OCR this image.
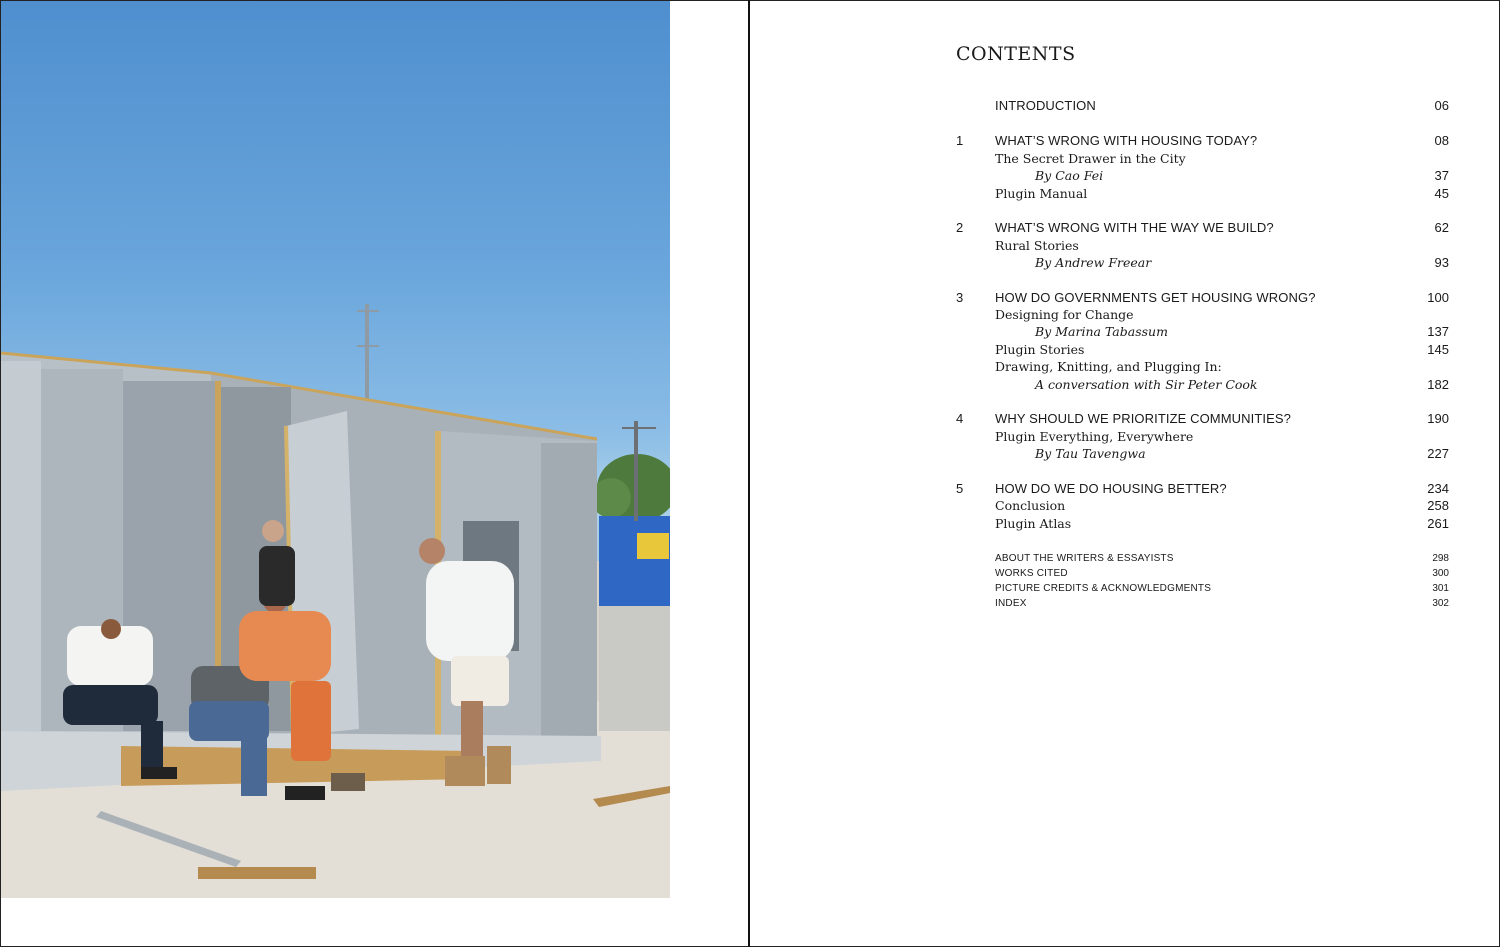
CONTENTS
INTRODUCTION	06
1 WHAT’S WRONG WITH HOUSING TODAY?	08
The Secret Drawer in the City
By Cao Fei	37
Plugin Manual	45
2 WHAT’S WRONG WITH THE WAY WE BUILD?	62
Rural Stories
By Andrew Freear	93
3 HOW DO GOVERNMENTS GET HOUSING WRONG?	100
Designing for Change
By Marina Tabassum	137
Plugin Stories	145
Drawing, Knitting, and Plugging In:
A conversation with Sir Peter Cook	182
4 WHY SHOULD WE PRIORITIZE COMMUNITIES?	190
Plugin Everything, Everywhere
By Tau Tavengwa	227
5 HOW DO WE DO HOUSING BETTER?	234
Conclusion	258
Plugin Atlas	261
ABOUT THE WRITERS & ESSAYISTS	298
WORKS CITED	300
PICTURE CREDITS & ACKNOWLEDGMENTS	301
INDEX	302
